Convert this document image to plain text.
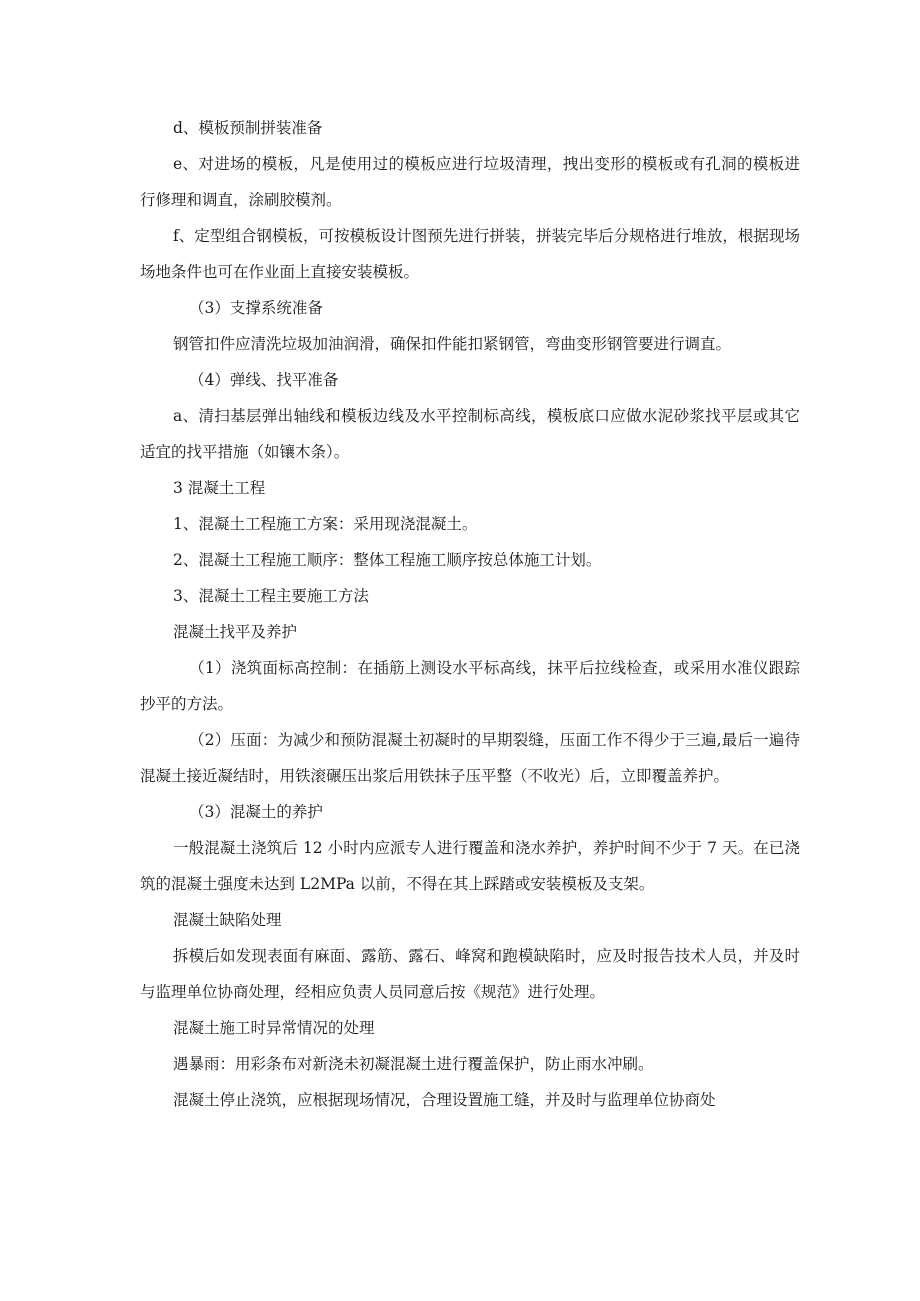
d、模板预制拼装准备

e、对进场的模板，凡是使用过的模板应进行垃圾清理，拽出变形的模板或有孔洞的模板进行修理和调直，涂刷胶模剂。

f、定型组合钢模板，可按模板设计图预先进行拼装，拼装完毕后分规格进行堆放，根据现场场地条件也可在作业面上直接安装模板。

（3）支撑系统准备

钢管扣件应清洗垃圾加油润滑，确保扣件能扣紧钢管，弯曲变形钢管要进行调直。

（4）弹线、找平准备

a、清扫基层弹出轴线和模板边线及水平控制标高线，模板底口应做水泥砂浆找平层或其它适宜的找平措施（如镶木条）。

3 混凝土工程

1、混凝土工程施工方案：采用现浇混凝土。

2、混凝土工程施工顺序：整体工程施工顺序按总体施工计划。

3、混凝土工程主要施工方法

混凝土找平及养护

（1）浇筑面标高控制：在插筋上测设水平标高线，抹平后拉线检查，或采用水准仪跟踪抄平的方法。

（2）压面：为减少和预防混凝土初凝时的早期裂缝，压面工作不得少于三遍,最后一遍待混凝土接近凝结时，用铁滚碾压出浆后用铁抹子压平整（不收光）后，立即覆盖养护。

（3）混凝土的养护

一般混凝土浇筑后 12 小时内应派专人进行覆盖和浇水养护，养护时间不少于 7 天。在已浇筑的混凝土强度未达到 L2MPa 以前，不得在其上踩踏或安装模板及支架。

混凝土缺陷处理

拆模后如发现表面有麻面、露筋、露石、峰窝和跑模缺陷时，应及时报告技术人员，并及时与监理单位协商处理，经相应负责人员同意后按《规范》进行处理。

混凝土施工时异常情况的处理

遇暴雨：用彩条布对新浇未初凝混凝土进行覆盖保护，防止雨水冲刷。

混凝土停止浇筑，应根据现场情况，合理设置施工缝，并及时与监理单位协商处
